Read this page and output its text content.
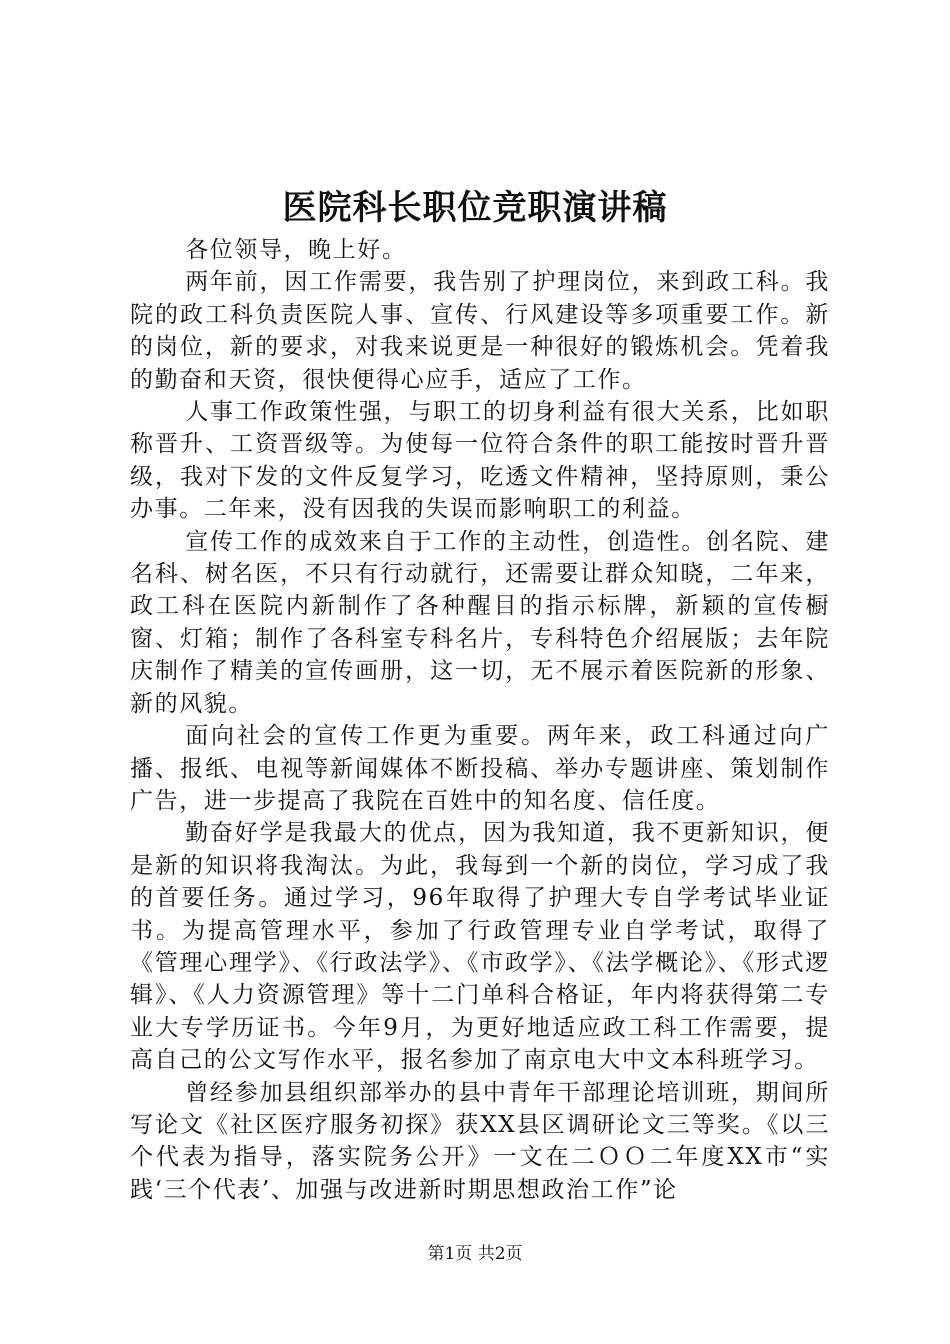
医院科长职位竞职演讲稿

各位领导，晚上好。

两年前，因工作需要，我告别了护理岗位，来到政工科。我院的政工科负责医院人事、宣传、行风建设等多项重要工作。新的岗位，新的要求，对我来说更是一种很好的锻炼机会。凭着我的勤奋和天资，很快便得心应手，适应了工作。

人事工作政策性强，与职工的切身利益有很大关系，比如职称晋升、工资晋级等。为使每一位符合条件的职工能按时晋升晋级，我对下发的文件反复学习，吃透文件精神，坚持原则，秉公办事。二年来，没有因我的失误而影响职工的利益。

宣传工作的成效来自于工作的主动性，创造性。创名院、建名科、树名医，不只有行动就行，还需要让群众知晓，二年来，政工科在医院内新制作了各种醒目的指示标牌，新颖的宣传橱窗、灯箱；制作了各科室专科名片，专科特色介绍展版；去年院庆制作了精美的宣传画册，这一切，无不展示着医院新的形象、新的风貌。

面向社会的宣传工作更为重要。两年来，政工科通过向广播、报纸、电视等新闻媒体不断投稿、举办专题讲座、策划制作广告，进一步提高了我院在百姓中的知名度、信任度。

勤奋好学是我最大的优点，因为我知道，我不更新知识，便是新的知识将我淘汰。为此，我每到一个新的岗位，学习成了我的首要任务。通过学习，96年取得了护理大专自学考试毕业证书。为提高管理水平，参加了行政管理专业自学考试，取得了《管理心理学》、《行政法学》、《市政学》、《法学概论》、《形式逻辑》、《人力资源管理》等十二门单科合格证，年内将获得第二专业大专学历证书。今年9月，为更好地适应政工科工作需要，提高自己的公文写作水平，报名参加了南京电大中文本科班学习。

曾经参加县组织部举办的县中青年干部理论培训班，期间所写论文《社区医疗服务初探》获XX县区调研论文三等奖。《以三个代表为指导，落实院务公开》一文在二ＯＯ二年度XX市“实践‘三个代表’、加强与改进新时期思想政治工作”论

第1页 共2页
